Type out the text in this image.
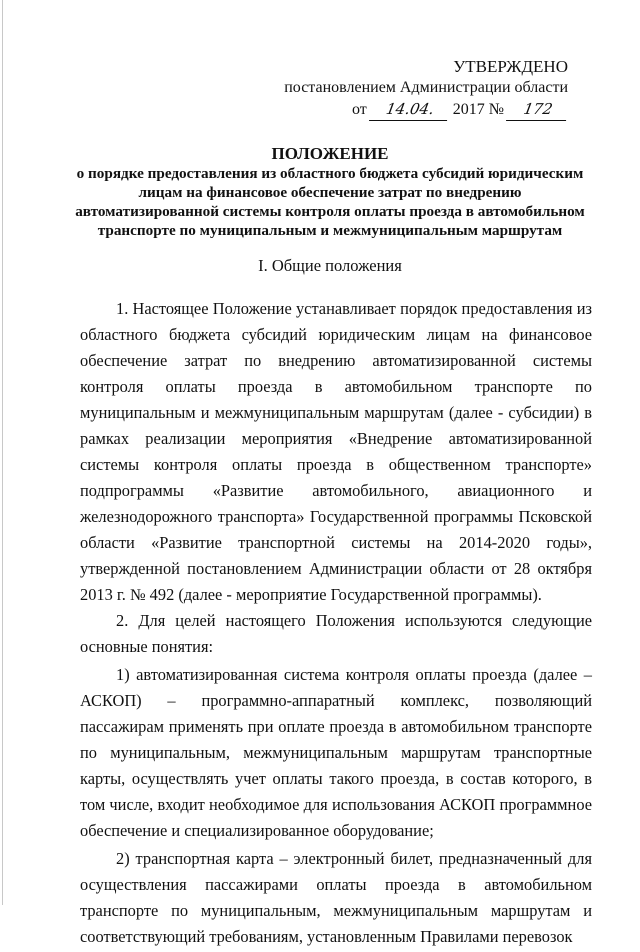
УТВЕРЖДЕНО
постановлением Администрации области
от 14.04. 2017 № 172
ПОЛОЖЕНИЕ
о порядке предоставления из областного бюджета субсидий юридическим лицам на финансовое обеспечение затрат по внедрению автоматизированной системы контроля оплаты проезда в автомобильном транспорте по муниципальным и межмуниципальным маршрутам
I. Общие положения

1. Настоящее Положение устанавливает порядок предоставления из областного бюджета субсидий юридическим лицам на финансовое обеспечение затрат по внедрению автоматизированной системы контроля оплаты проезда в автомобильном транспорте по муниципальным и межмуниципальным маршрутам (далее - субсидии) в рамках реализации мероприятия «Внедрение автоматизированной системы контроля оплаты проезда в общественном транспорте» подпрограммы «Развитие автомобильного, авиационного и железнодорожного транспорта» Государственной программы Псковской области «Развитие транспортной системы на 2014-2020 годы», утвержденной постановлением Администрации области от 28 октября 2013 г. № 492 (далее - мероприятие Государственной программы).

2. Для целей настоящего Положения используются следующие основные понятия:

1) автоматизированная система контроля оплаты проезда (далее – АСКОП) – программно-аппаратный комплекс, позволяющий пассажирам применять при оплате проезда в автомобильном транспорте по муниципальным, межмуниципальным маршрутам транспортные карты, осуществлять учет оплаты такого проезда, в состав которого, в том числе, входит необходимое для использования АСКОП программное обеспечение и специализированное оборудование;

2) транспортная карта – электронный билет, предназначенный для осуществления пассажирами оплаты проезда в автомобильном транспорте по муниципальным, межмуниципальным маршрутам и соответствующий требованиям, установленным Правилами перевозок
